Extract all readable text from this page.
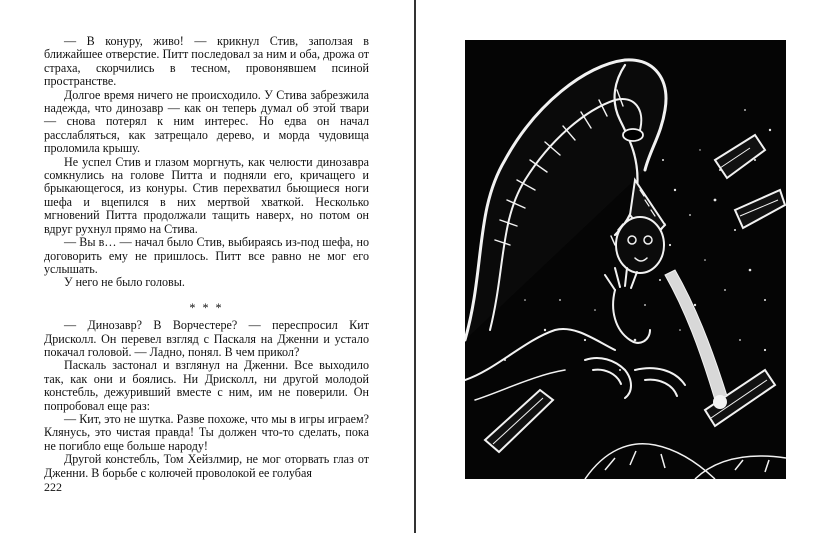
— В конуру, живо! — крикнул Стив, заползая в ближайшее отверстие. Питт последовал за ним и оба, дрожа от страха, скорчились в тесном, провонявшем псиной пространстве.

Долгое время ничего не происходило. У Стива забрезжила надежда, что динозавр — как он теперь думал об этой твари — снова потерял к ним интерес. Но едва он начал расслабляться, как затрещало дерево, и морда чудовища проломила крышу.

Не успел Стив и глазом моргнуть, как челюсти динозавра сомкнулись на голове Питта и подняли его, кричащего и брыкающегося, из конуры. Стив перехватил бьющиеся ноги шефа и вцепился в них мертвой хваткой. Несколько мгновений Питта продолжали тащить наверх, но потом он вдруг рухнул прямо на Стива.

— Вы в… — начал было Стив, выбираясь из-под шефа, но договорить ему не пришлось. Питт все равно не мог его услышать.

У него не было головы.

* * *

— Динозавр? В Ворчестере? — переспросил Кит Дрисколл. Он перевел взгляд с Паскаля на Дженни и устало покачал головой. — Ладно, понял. В чем прикол?

Паскаль застонал и взглянул на Дженни. Все выходило так, как они и боялись. Ни Дрисколл, ни другой молодой констебль, дежуривший вместе с ним, им не поверили. Он попробовал еще раз:

— Кит, это не шутка. Разве похоже, что мы в игры играем? Клянусь, это чистая правда! Ты должен что-то сделать, пока не погибло еще больше народу!

Другой констебль, Том Хейзлмир, не мог оторвать глаз от Дженни. В борьбе с колючей проволокой ее голубая

222
